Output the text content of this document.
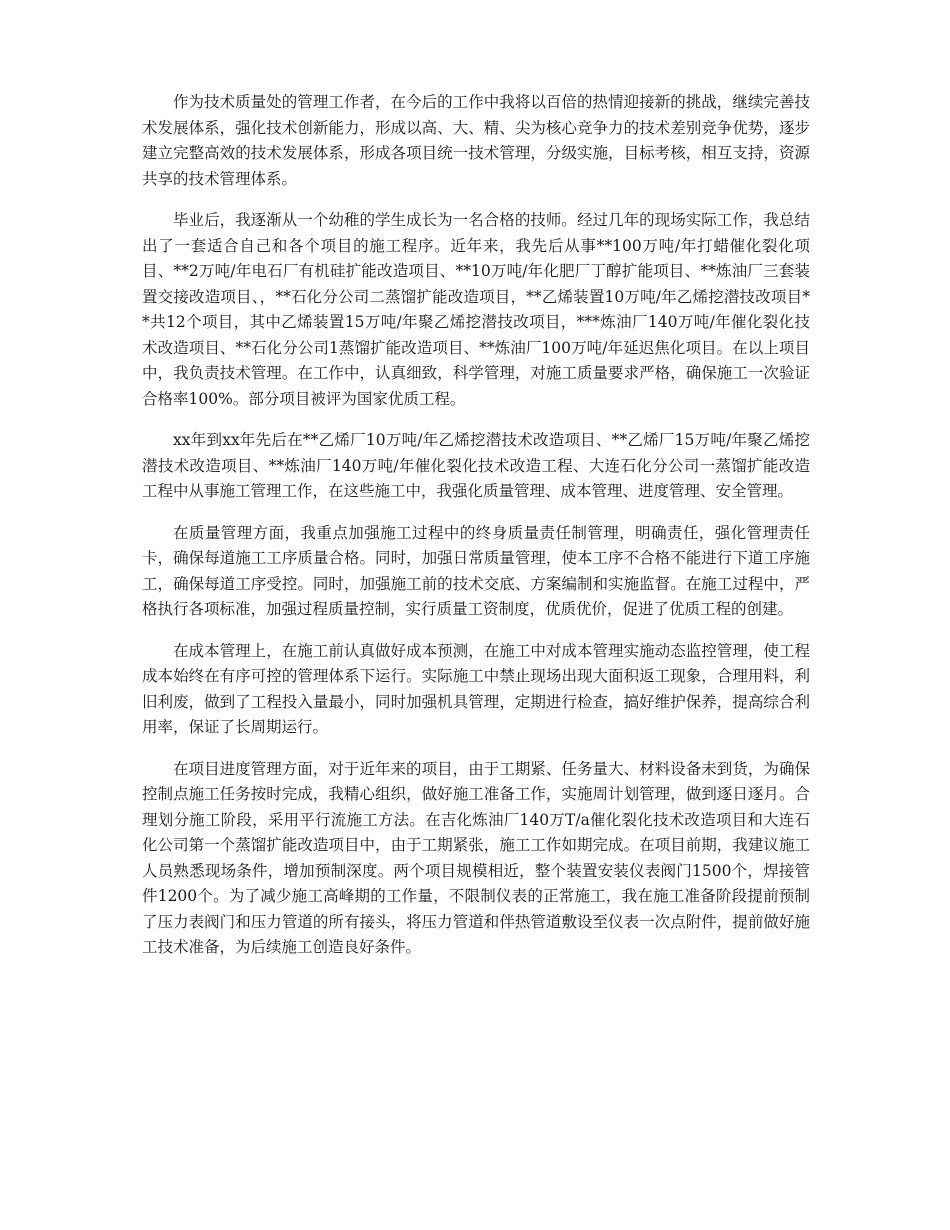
作为技术质量处的管理工作者，在今后的工作中我将以百倍的热情迎接新的挑战，继续完善技术发展体系，强化技术创新能力，形成以高、大、精、尖为核心竞争力的技术差别竞争优势，逐步建立完整高效的技术发展体系，形成各项目统一技术管理，分级实施，目标考核，相互支持，资源共享的技术管理体系。

毕业后，我逐渐从一个幼稚的学生成长为一名合格的技师。经过几年的现场实际工作，我总结出了一套适合自己和各个项目的施工程序。近年来，我先后从事**100万吨/年打蜡催化裂化项目、**2万吨/年电石厂有机硅扩能改造项目、**10万吨/年化肥厂丁醇扩能项目、**炼油厂三套装置交接改造项目、，**石化分公司二蒸馏扩能改造项目，**乙烯装置10万吨/年乙烯挖潜技改项目**共12个项目，其中乙烯装置15万吨/年聚乙烯挖潜技改项目，***炼油厂140万吨/年催化裂化技术改造项目、**石化分公司1蒸馏扩能改造项目、**炼油厂100万吨/年延迟焦化项目。在以上项目中，我负责技术管理。在工作中，认真细致，科学管理，对施工质量要求严格，确保施工一次验证合格率100%。部分项目被评为国家优质工程。

xx年到xx年先后在**乙烯厂10万吨/年乙烯挖潜技术改造项目、**乙烯厂15万吨/年聚乙烯挖潜技术改造项目、**炼油厂140万吨/年催化裂化技术改造工程、大连石化分公司一蒸馏扩能改造工程中从事施工管理工作，在这些施工中，我强化质量管理、成本管理、进度管理、安全管理。

在质量管理方面，我重点加强施工过程中的终身质量责任制管理，明确责任，强化管理责任卡，确保每道施工工序质量合格。同时，加强日常质量管理，使本工序不合格不能进行下道工序施工，确保每道工序受控。同时，加强施工前的技术交底、方案编制和实施监督。在施工过程中，严格执行各项标准，加强过程质量控制，实行质量工资制度，优质优价，促进了优质工程的创建。

在成本管理上，在施工前认真做好成本预测，在施工中对成本管理实施动态监控管理，使工程成本始终在有序可控的管理体系下运行。实际施工中禁止现场出现大面积返工现象，合理用料，利旧利废，做到了工程投入量最小，同时加强机具管理，定期进行检查，搞好维护保养，提高综合利用率，保证了长周期运行。

在项目进度管理方面，对于近年来的项目，由于工期紧、任务量大、材料设备未到货，为确保控制点施工任务按时完成，我精心组织，做好施工准备工作，实施周计划管理，做到逐日逐月。合理划分施工阶段，采用平行流施工方法。在吉化炼油厂140万T/a催化裂化技术改造项目和大连石化公司第一个蒸馏扩能改造项目中，由于工期紧张，施工工作如期完成。在项目前期，我建议施工人员熟悉现场条件，增加预制深度。两个项目规模相近，整个装置安装仪表阀门1500个，焊接管件1200个。为了减少施工高峰期的工作量，不限制仪表的正常施工，我在施工准备阶段提前预制了压力表阀门和压力管道的所有接头，将压力管道和伴热管道敷设至仪表一次点附件，提前做好施工技术准备，为后续施工创造良好条件。
